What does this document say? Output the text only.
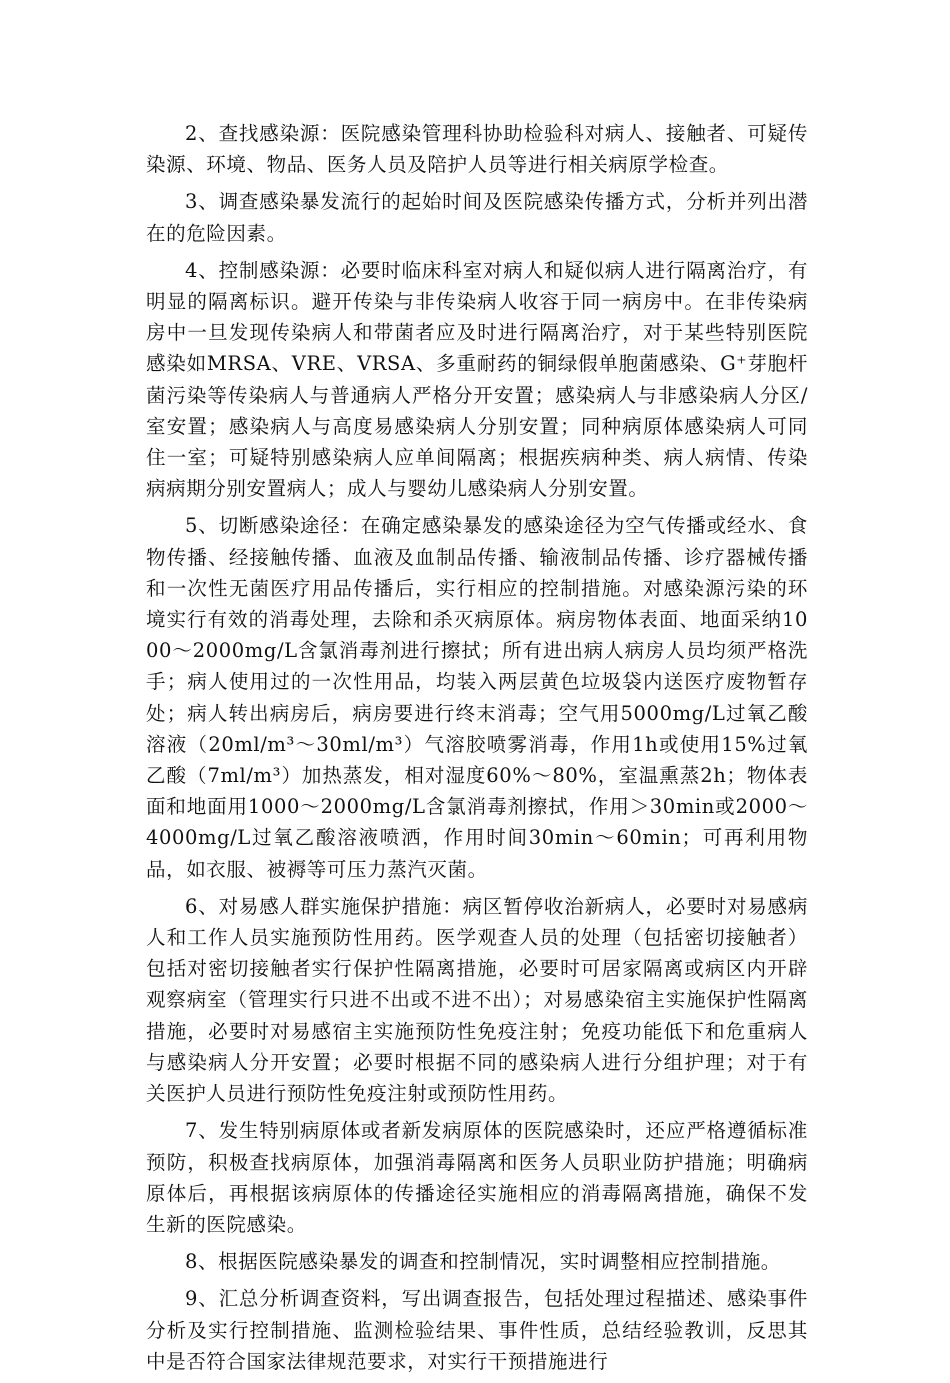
2、查找感染源：医院感染管理科协助检验科对病人、接触者、可疑传染源、环境、物品、医务人员及陪护人员等进行相关病原学检查。

3、调查感染暴发流行的起始时间及医院感染传播方式，分析并列出潜在的危险因素。

4、控制感染源：必要时临床科室对病人和疑似病人进行隔离治疗，有明显的隔离标识。避开传染与非传染病人收容于同一病房中。在非传染病房中一旦发现传染病人和带菌者应及时进行隔离治疗，对于某些特别医院感染如MRSA、VRE、VRSA、多重耐药的铜绿假单胞菌感染、G⁺芽胞杆菌污染等传染病人与普通病人严格分开安置；感染病人与非感染病人分区/室安置；感染病人与高度易感染病人分别安置；同种病原体感染病人可同住一室；可疑特别感染病人应单间隔离；根据疾病种类、病人病情、传染病病期分别安置病人；成人与婴幼儿感染病人分别安置。

5、切断感染途径：在确定感染暴发的感染途径为空气传播或经水、食物传播、经接触传播、血液及血制品传播、输液制品传播、诊疗器械传播和一次性无菌医疗用品传播后，实行相应的控制措施。对感染源污染的环境实行有效的消毒处理，去除和杀灭病原体。病房物体表面、地面采纳1000～2000mg/L含氯消毒剂进行擦拭；所有进出病人病房人员均须严格洗手；病人使用过的一次性用品，均装入两层黄色垃圾袋内送医疗废物暂存处；病人转出病房后，病房要进行终末消毒；空气用5000mg/L过氧乙酸溶液（20ml/m³～30ml/m³）气溶胶喷雾消毒，作用1h或使用15%过氧乙酸（7ml/m³）加热蒸发，相对湿度60%～80%，室温熏蒸2h；物体表面和地面用1000～2000mg/L含氯消毒剂擦拭，作用＞30min或2000～4000mg/L过氧乙酸溶液喷洒，作用时间30min～60min；可再利用物品，如衣服、被褥等可压力蒸汽灭菌。

6、对易感人群实施保护措施：病区暂停收治新病人，必要时对易感病人和工作人员实施预防性用药。医学观查人员的处理（包括密切接触者）包括对密切接触者实行保护性隔离措施，必要时可居家隔离或病区内开辟观察病室（管理实行只进不出或不进不出）；对易感染宿主实施保护性隔离措施，必要时对易感宿主实施预防性免疫注射；免疫功能低下和危重病人与感染病人分开安置；必要时根据不同的感染病人进行分组护理；对于有关医护人员进行预防性免疫注射或预防性用药。

7、发生特别病原体或者新发病原体的医院感染时，还应严格遵循标准预防，积极查找病原体，加强消毒隔离和医务人员职业防护措施；明确病原体后，再根据该病原体的传播途径实施相应的消毒隔离措施，确保不发生新的医院感染。

8、根据医院感染暴发的调查和控制情况，实时调整相应控制措施。

9、汇总分析调查资料，写出调查报告，包括处理过程描述、感染事件分析及实行控制措施、监测检验结果、事件性质，总结经验教训，反思其中是否符合国家法律规范要求，对实行干预措施进行
